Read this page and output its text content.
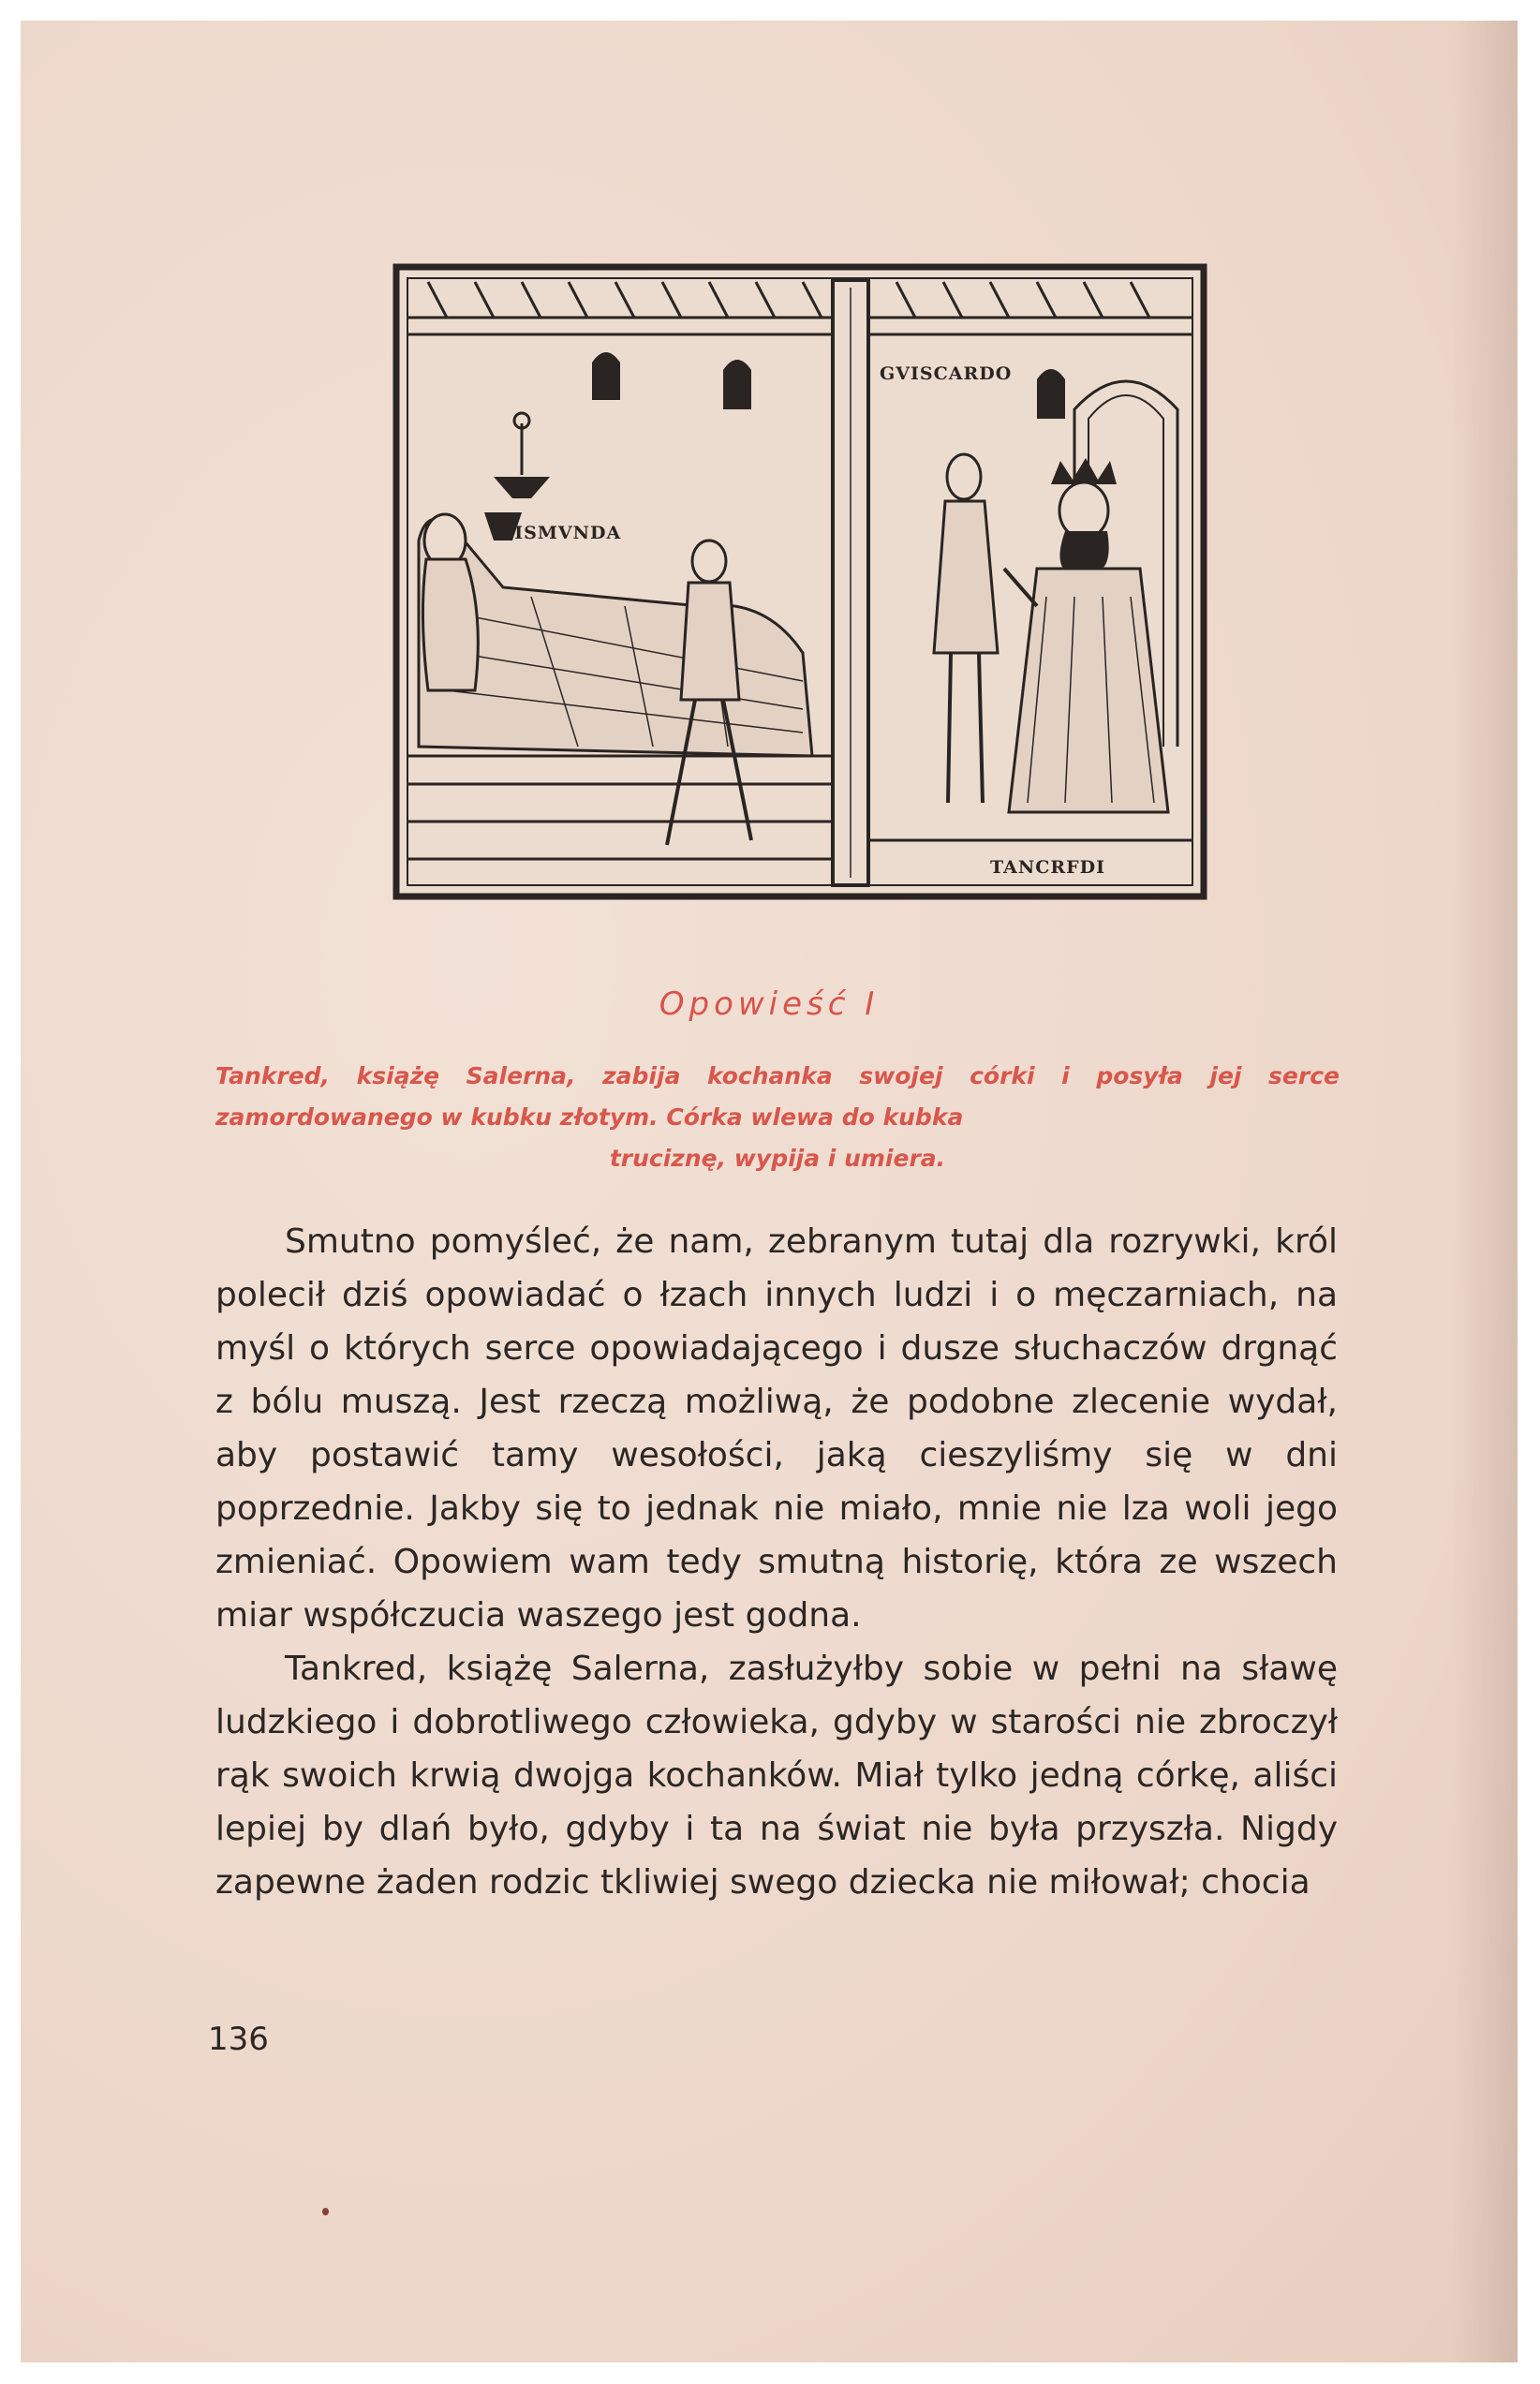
GISMVNDA
GVISCARDO
TANCRFDI
Opowieść I
Tankred, książę Salerna, zabija kochanka swojej córki i posyła jej serce zamordowanego w kubku złotym. Córka wlewa do kubka
truciznę, wypija i umiera.

Smutno pomyśleć, że nam, zebranym tutaj dla rozrywki, król polecił dziś opowiadać o łzach innych ludzi i o męczarniach, na myśl o których serce opowiadającego i dusze słuchaczów drgnąć z bólu muszą. Jest rzeczą możliwą, że podobne zlecenie wydał, aby postawić tamy wesołości, jaką cieszyliśmy się w dni poprzednie. Jakby się to jednak nie miało, mnie nie lza woli jego zmieniać. Opowiem wam tedy smutną historię, która ze wszech miar współczucia waszego jest godna.

Tankred, książę Salerna, zasłużyłby sobie w pełni na sławę ludzkiego i dobrotliwego człowieka, gdyby w starości nie zbroczył rąk swoich krwią dwojga kochanków. Miał tylko jedną córkę, aliści lepiej by dlań było, gdyby i ta na świat nie była przyszła. Nigdy zapewne żaden rodzic tkliwiej swego dziecka nie miłował; chocia

136
